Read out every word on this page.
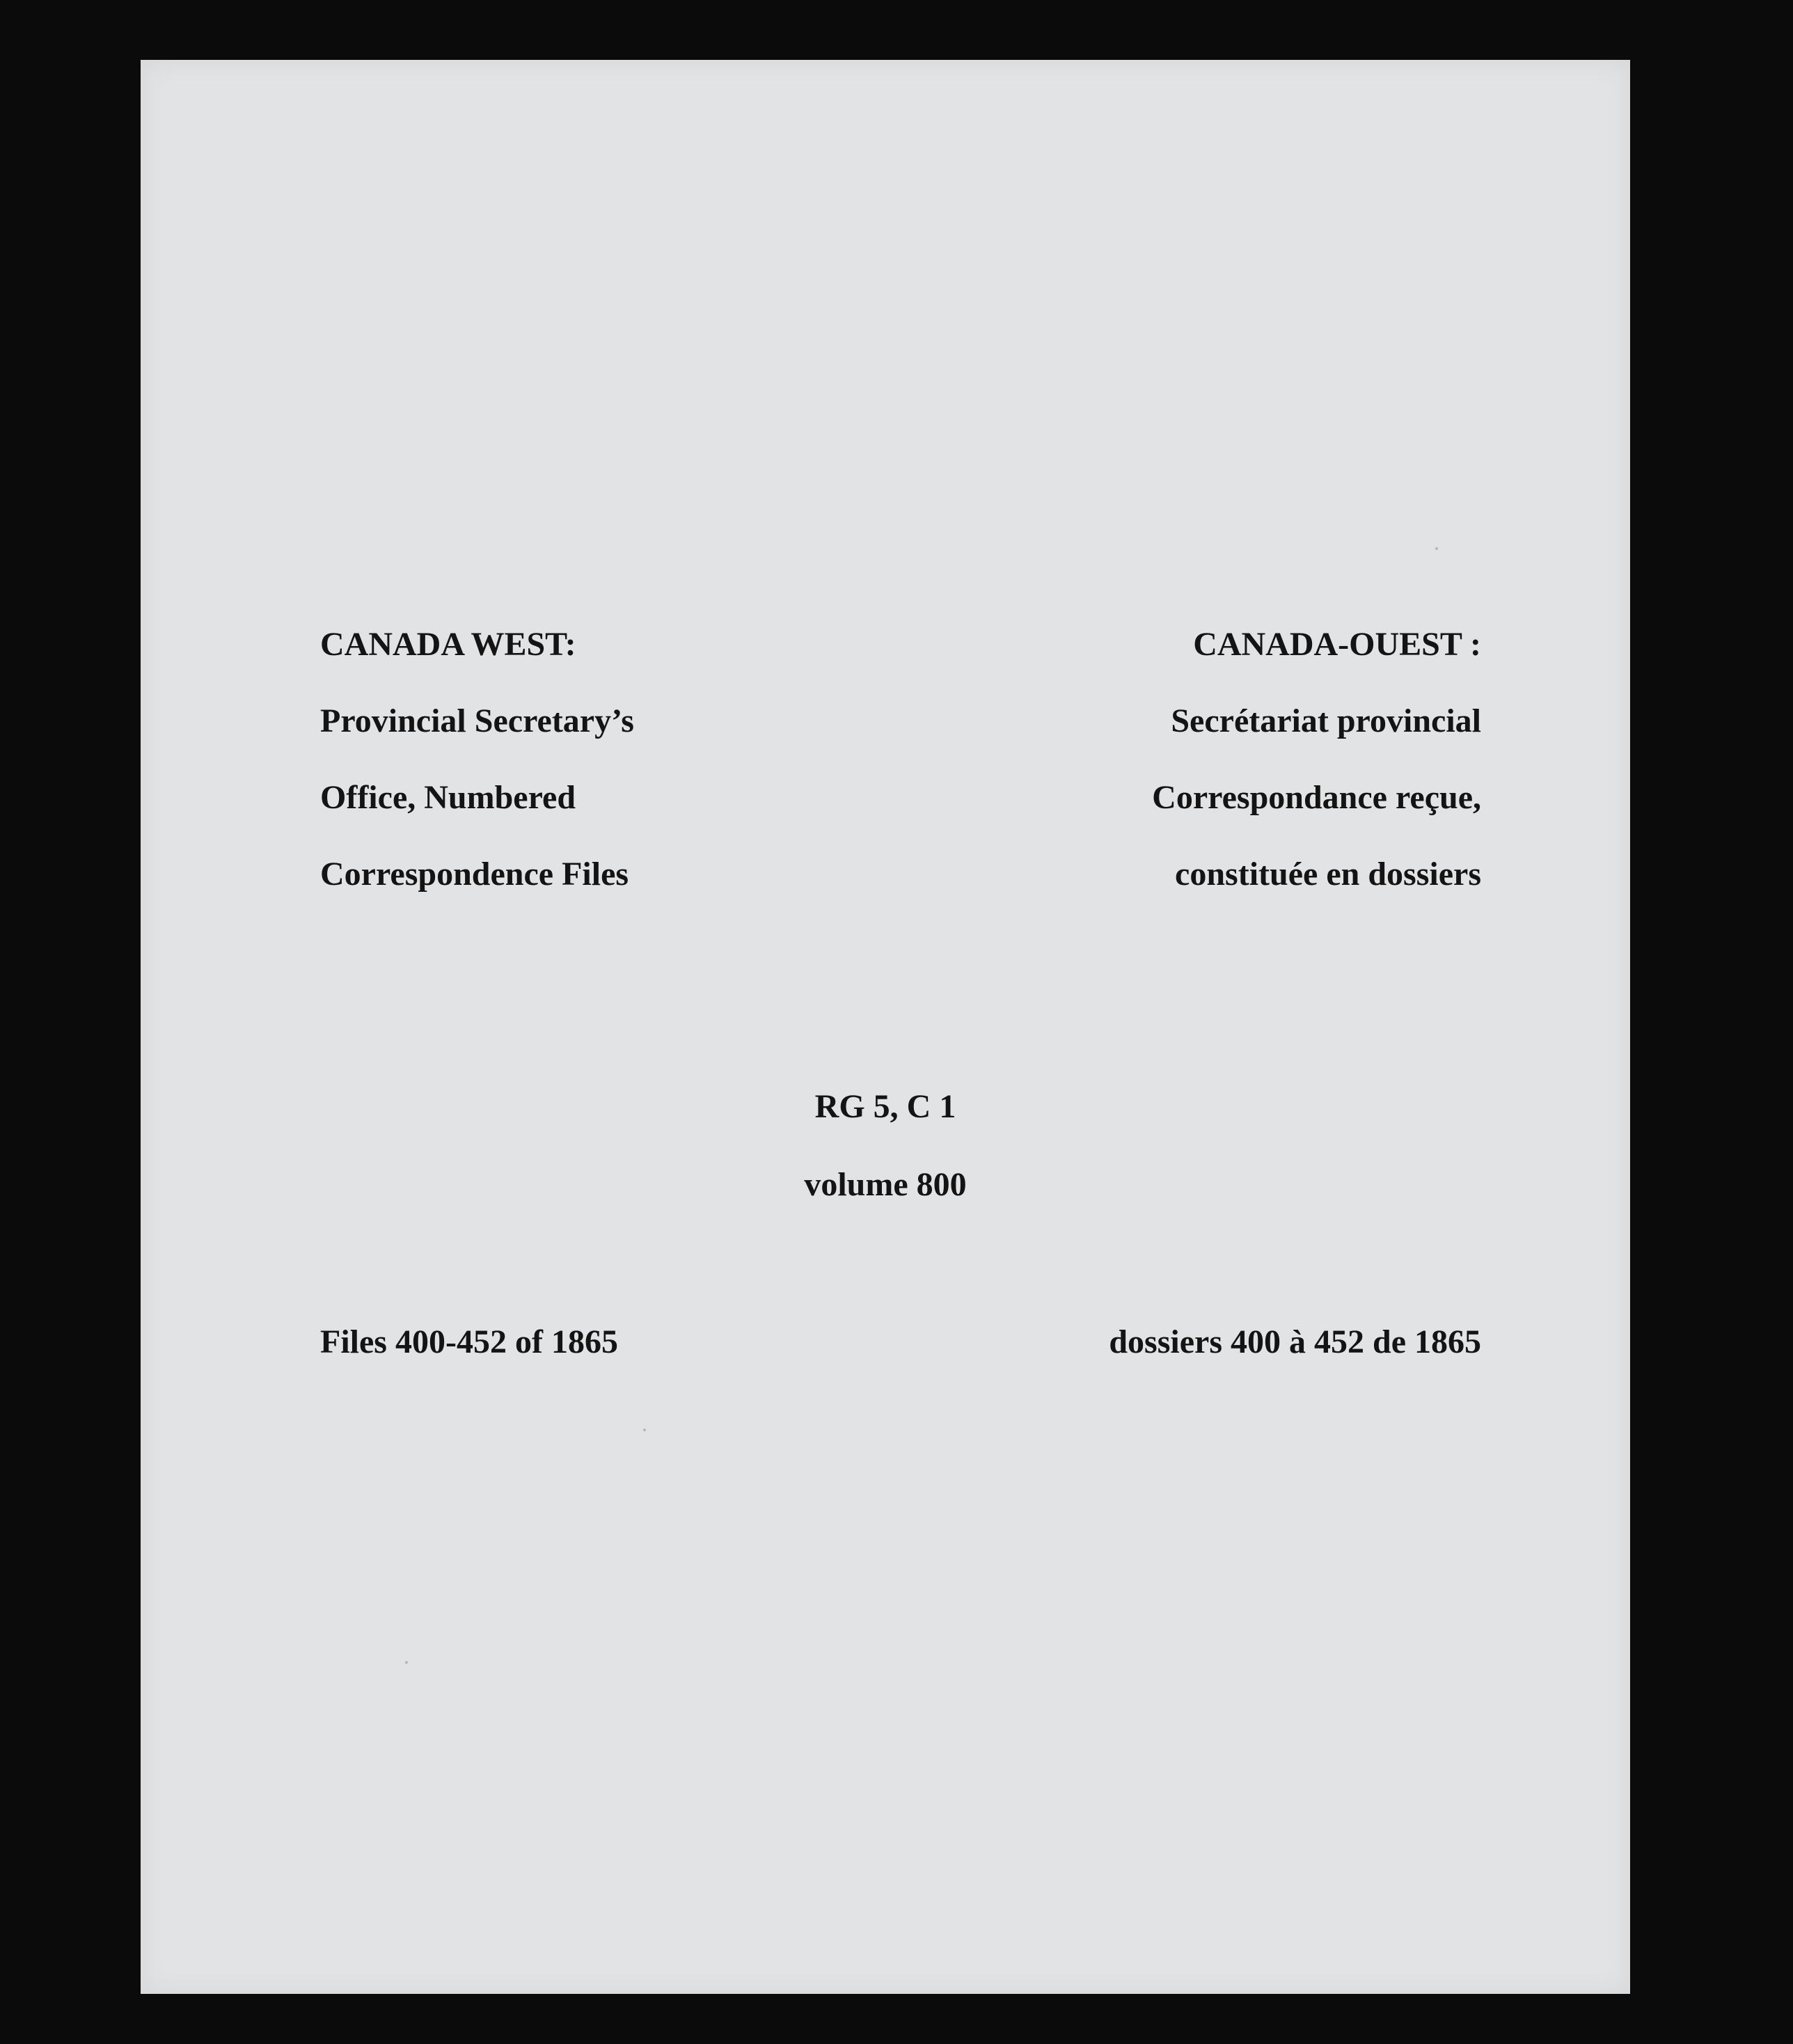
CANADA WEST:
Provincial Secretary’s
Office, Numbered
Correspondence Files
CANADA-OUEST :
Secrétariat provincial
Correspondance reçue,
constituée en dossiers
RG 5, C 1
volume 800
Files 400-452 of 1865	dossiers 400 à 452 de 1865
